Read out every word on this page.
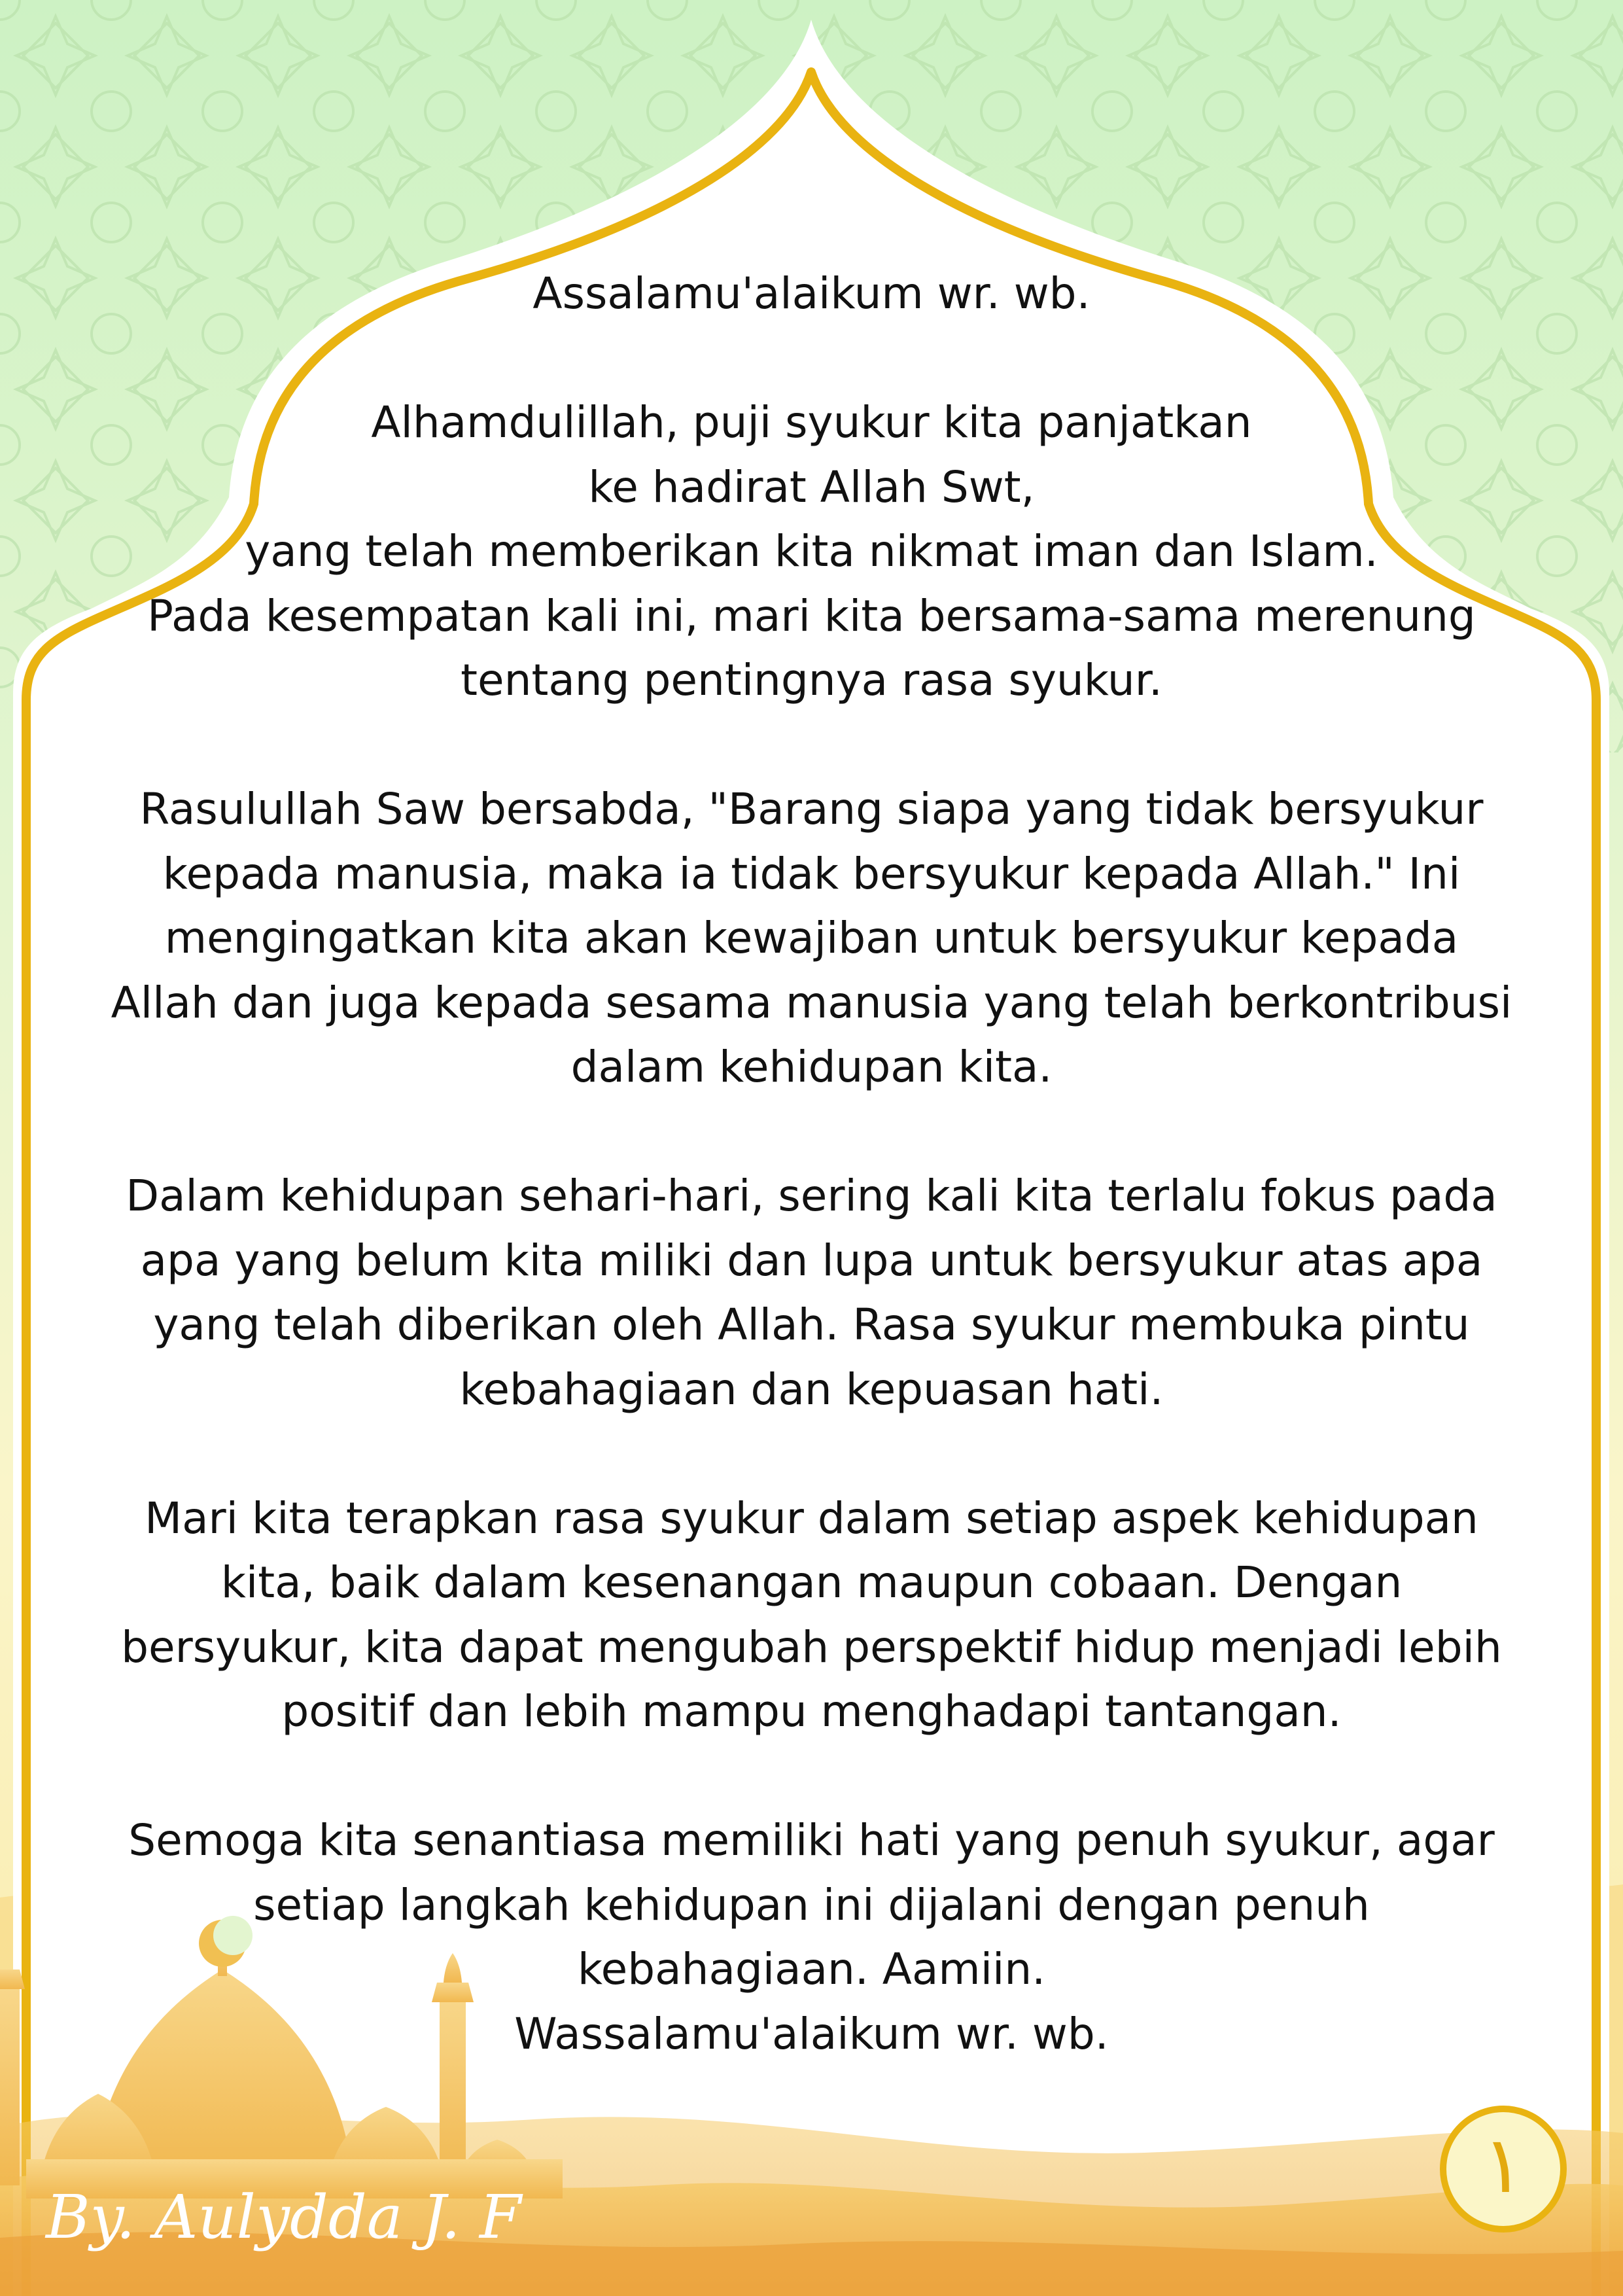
Assalamu'alaikum wr. wb.
Alhamdulillah, puji syukur kita panjatkan
ke hadirat Allah Swt,
yang telah memberikan kita nikmat iman dan Islam.
Pada kesempatan kali ini, mari kita bersama-sama merenung
tentang pentingnya rasa syukur.
Rasulullah Saw bersabda, "Barang siapa yang tidak bersyukur
kepada manusia, maka ia tidak bersyukur kepada Allah." Ini
mengingatkan kita akan kewajiban untuk bersyukur kepada
Allah dan juga kepada sesama manusia yang telah berkontribusi
dalam kehidupan kita.
Dalam kehidupan sehari-hari, sering kali kita terlalu fokus pada
apa yang belum kita miliki dan lupa untuk bersyukur atas apa
yang telah diberikan oleh Allah. Rasa syukur membuka pintu
kebahagiaan dan kepuasan hati.
Mari kita terapkan rasa syukur dalam setiap aspek kehidupan
kita, baik dalam kesenangan maupun cobaan. Dengan
bersyukur, kita dapat mengubah perspektif hidup menjadi lebih
positif dan lebih mampu menghadapi tantangan.
Semoga kita senantiasa memiliki hati yang penuh syukur, agar
setiap langkah kehidupan ini dijalani dengan penuh
kebahagiaan. Aamiin.
Wassalamu'alaikum wr. wb.
By. Aulydda J. F
١
